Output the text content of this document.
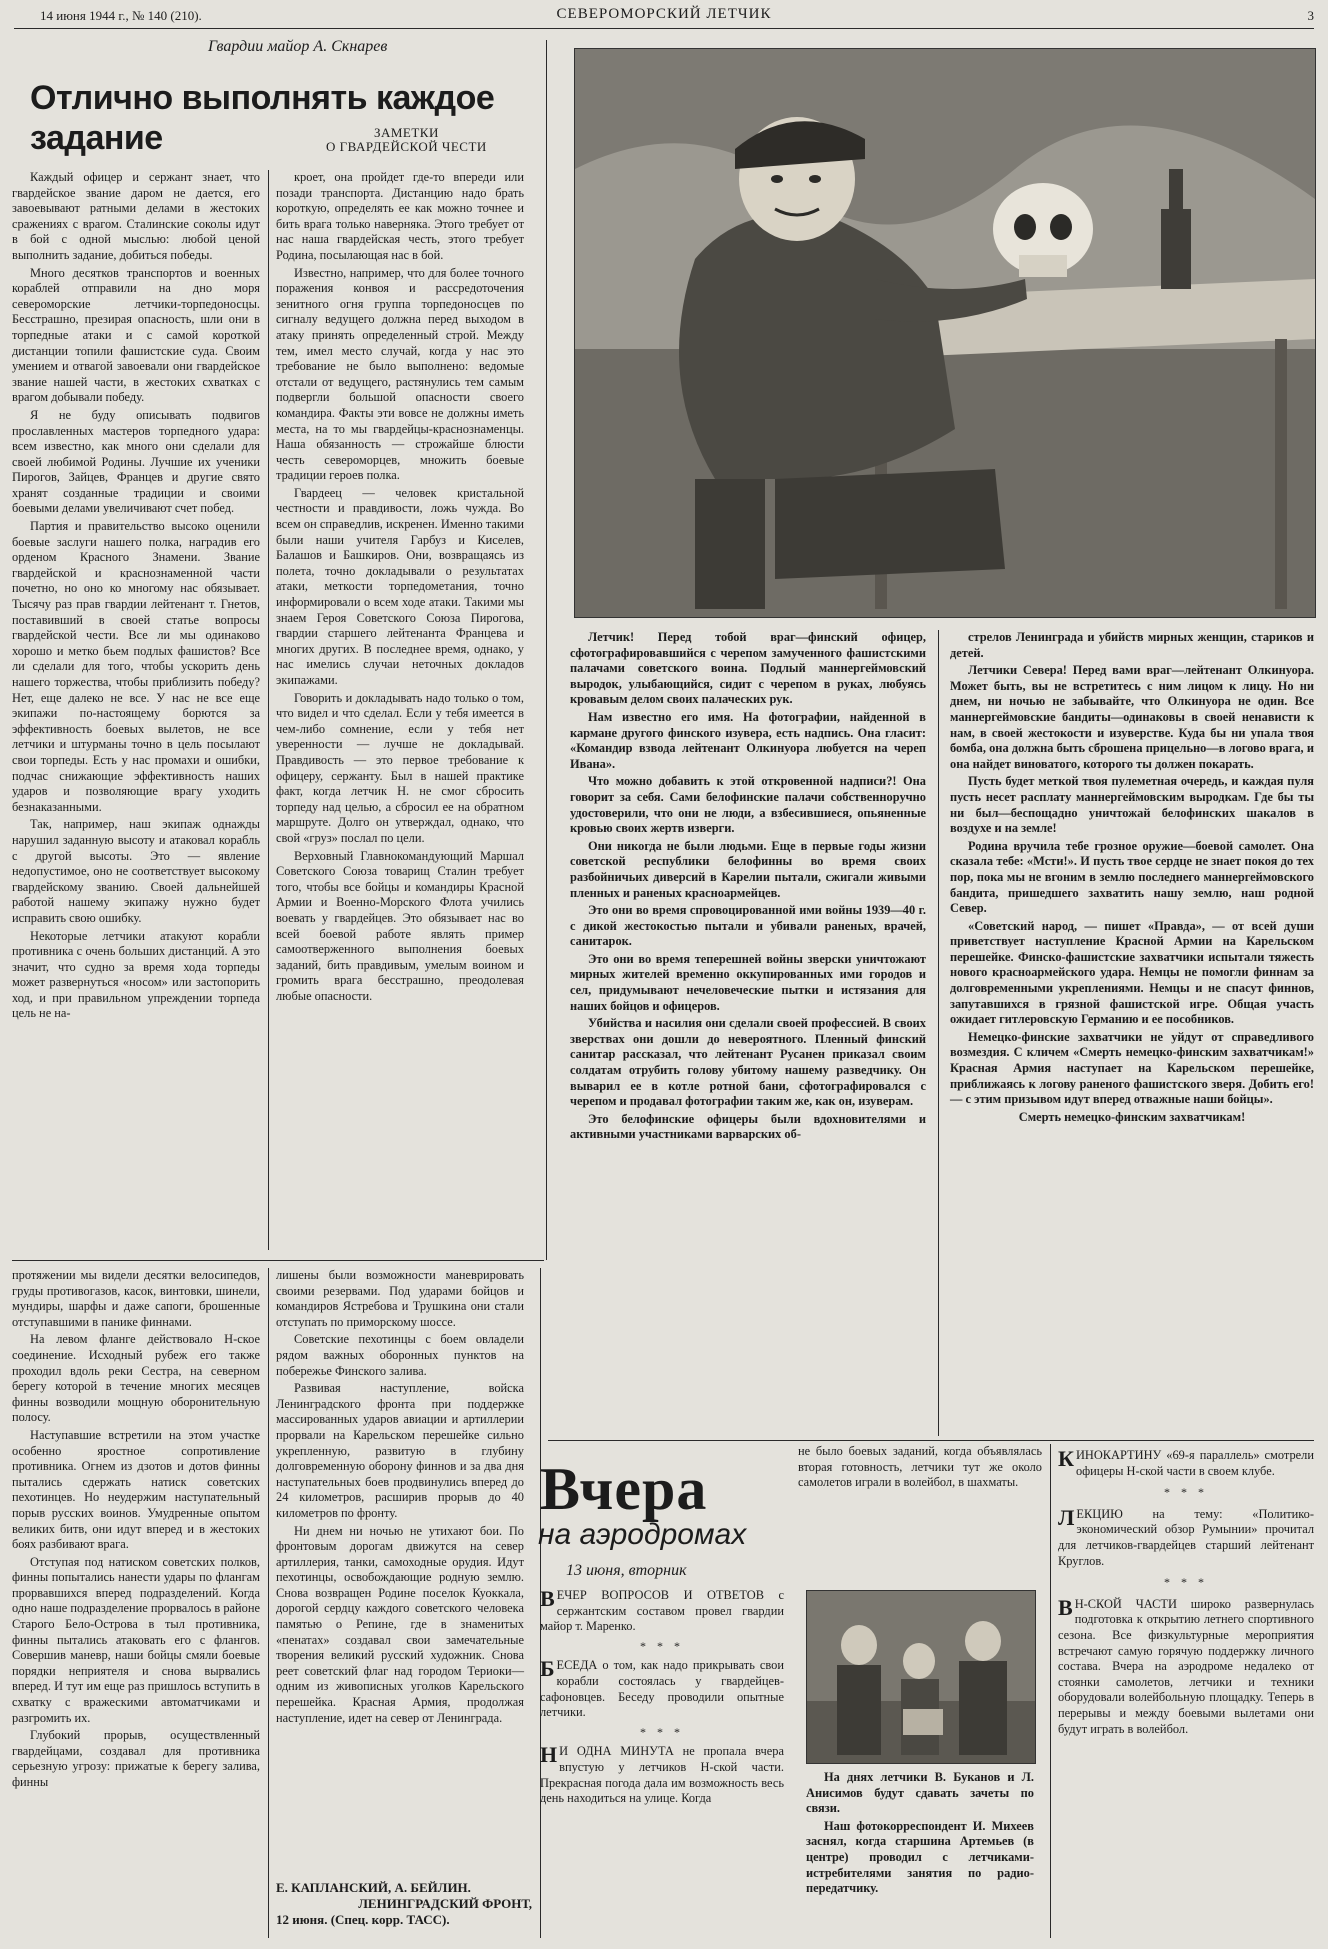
14 июня 1944 г., № 140 (210).	СЕВЕРОМОРСКИЙ ЛЕТЧИК	3
Гвардии майор А. Скнарев
Отлично выполнять каждое
задание	ЗАМЕТКИ
О ГВАРДЕЙСКОЙ ЧЕСТИ

Каждый офицер и сержант знает, что гвардейское звание даром не дается, его завоевывают ратными делами в жестоких сражениях с врагом. Сталинские соколы идут в бой с одной мыслью: любой ценой выполнить задание, добиться победы.

Много десятков транспортов и военных кораблей отправили на дно моря североморские летчики-торпедоносцы. Бесстрашно, презирая опасность, шли они в торпедные атаки и с самой короткой дистанции топили фашистские суда. Своим умением и отвагой завоевали они гвардейское звание нашей части, в жестоких схватках с врагом добывали победу.

Я не буду описывать подвигов прославленных мастеров торпедного удара: всем известно, как много они сделали для своей любимой Родины. Лучшие их ученики Пирогов, Зайцев, Францев и другие свято хранят созданные традиции и своими боевыми делами увеличивают счет побед.

Партия и правительство высоко оценили боевые заслуги нашего полка, наградив его орденом Красного Знамени. Звание гвардейской и краснознаменной части почетно, но оно ко многому нас обязывает. Тысячу раз прав гвардии лейтенант т. Гнетов, поставивший в своей статье вопросы гвардейской чести. Все ли мы одинаково хорошо и метко бьем подлых фашистов? Все ли сделали для того, чтобы ускорить день нашего торжества, чтобы приблизить победу? Нет, еще далеко не все. У нас не все еще экипажи по-настоящему борются за эффективность боевых вылетов, не все летчики и штурманы точно в цель посылают свои торпеды. Есть у нас промахи и ошибки, подчас снижающие эффективность наших ударов и позволяющие врагу уходить безнаказанными.

Так, например, наш экипаж однажды нарушил заданную высоту и атаковал корабль с другой высоты. Это — явление недопустимое, оно не соответствует высокому гвардейскому званию. Своей дальнейшей работой нашему экипажу нужно будет исправить свою ошибку.

Некоторые летчики атакуют корабли противника с очень больших дистанций. А это значит, что судно за время хода торпеды может развернуться «носом» или застопорить ход, и при правильном упреждении торпеда цель не на-

кроет, она пройдет где-то впереди или позади транспорта. Дистанцию надо брать короткую, определять ее как можно точнее и бить врага только наверняка. Этого требует от нас наша гвардейская честь, этого требует Родина, посылающая нас в бой.

Известно, например, что для более точного поражения конвоя и рассредоточения зенитного огня группа торпедоносцев по сигналу ведущего должна перед выходом в атаку принять определенный строй. Между тем, имел место случай, когда у нас это требование не было выполнено: ведомые отстали от ведущего, растянулись тем самым подвергли большой опасности своего командира. Факты эти вовсе не должны иметь места, на то мы гвардейцы-краснознаменцы. Наша обязанность — строжайше блюсти честь североморцев, множить боевые традиции героев полка.

Гвардеец — человек кристальной честности и правдивости, ложь чужда. Во всем он справедлив, искренен. Именно такими были наши учителя Гарбуз и Киселев, Балашов и Башкиров. Они, возвращаясь из полета, точно докладывали о результатах атаки, меткости торпедометания, точно информировали о всем ходе атаки. Такими мы знаем Героя Советского Союза Пирогова, гвардии старшего лейтенанта Францева и многих других. В последнее время, однако, у нас имелись случаи неточных докладов экипажами.

Говорить и докладывать надо только о том, что видел и что сделал. Если у тебя имеется в чем-либо сомнение, если у тебя нет уверенности — лучше не докладывай. Правдивость — это первое требование к офицеру, сержанту. Был в нашей практике факт, когда летчик Н. не смог сбросить торпеду над целью, а сбросил ее на обратном маршруте. Долго он утверждал, однако, что свой «груз» послал по цели.

Верховный Главнокомандующий Маршал Советского Союза товарищ Сталин требует того, чтобы все бойцы и командиры Красной Армии и Военно-Морского Флота учились воевать у гвардейцев. Это обязывает нас во всей боевой работе являть пример самоотверженного выполнения боевых заданий, бить правдивым, умелым воином и громить врага бесстрашно, преодолевая любые опасности.

Летчик! Перед тобой враг—финский офицер, сфотографировавшийся с черепом замученного фашистскими палачами советского воина. Подлый маннергеймовский выродок, улыбающийся, сидит с черепом в руках, любуясь кровавым делом своих палаческих рук.

Нам известно его имя. На фотографии, найденной в кармане другого финского изувера, есть надпись. Она гласит: «Командир взвода лейтенант Олкинуора любуется на череп Ивана».

Что можно добавить к этой откровенной надписи?! Она говорит за себя. Сами белофинские палачи собственноручно удостоверили, что они не люди, а взбесившиеся, опьяненные кровью своих жертв изверги.

Они никогда не были людьми. Еще в первые годы жизни советской республики белофинны во время своих разбойничьих диверсий в Карелии пытали, сжигали живыми пленных и раненых красноармейцев.

Это они во время спровоцированной ими войны 1939—40 г. с дикой жестокостью пытали и убивали раненых, врачей, санитарок.

Это они во время теперешней войны зверски уничтожают мирных жителей временно оккупированных ими городов и сел, придумывают нечеловеческие пытки и истязания для наших бойцов и офицеров.

Убийства и насилия они сделали своей профессией. В своих зверствах они дошли до невероятного. Пленный финский санитар рассказал, что лейтенант Русанен приказал своим солдатам отрубить голову убитому нашему разведчику. Он выварил ее в котле ротной бани, сфотографировался с черепом и продавал фотографии таким же, как он, изуверам.

Это белофинские офицеры были вдохновителями и активными участниками варварских об-

стрелов Ленинграда и убийств мирных женщин, стариков и детей.

Летчики Севера! Перед вами враг—лейтенант Олкинуора. Может быть, вы не встретитесь с ним лицом к лицу. Но ни днем, ни ночью не забывайте, что Олкинуора не один. Все маннергеймовские бандиты—одинаковы в своей ненависти к нам, в своей жестокости и изуверстве. Куда бы ни упала твоя бомба, она должна быть сброшена прицельно—в логово врага, и она найдет виноватого, которого ты должен покарать.

Пусть будет меткой твоя пулеметная очередь, и каждая пуля пусть несет расплату маннергеймовским выродкам. Где бы ты ни был—беспощадно уничтожай белофинских шакалов в воздухе и на земле!

Родина вручила тебе грозное оружие—боевой самолет. Она сказала тебе: «Мсти!». И пусть твое сердце не знает покоя до тех пор, пока мы не вгоним в землю последнего маннергеймовского бандита, пришедшего захватить нашу землю, наш родной Север.

«Советский народ, — пишет «Правда», — от всей души приветствует наступление Красной Армии на Карельском перешейке. Финско-фашистские захватчики испытали тяжесть нового красноармейского удара. Немцы не помогли финнам за долговременными укреплениями. Немцы и не спасут финнов, запутавшихся в грязной фашистской игре. Общая участь ожидает гитлеровскую Германию и ее пособников.

Немецко-финские захватчики не уйдут от справедливого возмездия. С кличем «Смерть немецко-финским захватчикам!» Красная Армия наступает на Карельском перешейке, приближаясь к логову раненого фашистского зверя. Добить его! — с этим призывом идут вперед отважные наши бойцы».

Смерть немецко-финским захватчикам!

протяжении мы видели десятки велосипедов, груды противогазов, касок, винтовки, шинели, мундиры, шарфы и даже сапоги, брошенные отступавшими в панике финнами.

На левом фланге действовало Н-ское соединение. Исходный рубеж его также проходил вдоль реки Сестра, на северном берегу которой в течение многих месяцев финны возводили мощную оборонительную полосу.

Наступавшие встретили на этом участке особенно яростное сопротивление противника. Огнем из дзотов и дотов финны пытались сдержать натиск советских пехотинцев. Но неудержим наступательный порыв русских воинов. Умудренные опытом великих битв, они идут вперед и в жестоких боях разбивают врага.

Отступая под натиском советских полков, финны попытались нанести удары по флангам прорвавшихся вперед подразделений. Когда одно наше подразделение прорвалось в районе Старого Бело-Острова в тыл противника, финны пытались атаковать его с флангов. Совершив маневр, наши бойцы смяли боевые порядки неприятеля и снова вырвались вперед. И тут им еще раз пришлось вступить в схватку с вражескими автоматчиками и разгромить их.

Глубокий прорыв, осуществленный гвардейцами, создавал для противника серьезную угрозу: прижатые к берегу залива, финны

лишены были возможности маневрировать своими резервами. Под ударами бойцов и командиров Ястребова и Трушкина они стали отступать по приморскому шоссе.

Советские пехотинцы с боем овладели рядом важных оборонных пунктов на побережье Финского залива.

Развивая наступление, войска Ленинградского фронта при поддержке массированных ударов авиации и артиллерии прорвали на Карельском перешейке сильно укрепленную, развитую в глубину долговременную оборону финнов и за два дня наступательных боев продвинулись вперед до 24 километров, расширив прорыв до 40 километров по фронту.

Ни днем ни ночью не утихают бои. По фронтовым дорогам движутся на север артиллерия, танки, самоходные орудия. Идут пехотинцы, освобождающие родную землю. Снова возвращен Родине поселок Куоккала, дорогой сердцу каждого советского человека памятью о Репине, где в знаменитых «пенатах» создавал свои замечательные творения великий русский художник. Снова реет советский флаг над городом Териоки—одним из живописных уголков Карельского перешейка. Красная Армия, продолжая наступление, идет на север от Ленинграда.

Е. КАПЛАНСКИЙ, А. БЕЙЛИН.
ЛЕНИНГРАДСКИЙ ФРОНТ,
12 июня. (Спец. корр. ТАСС).
Вчера
на аэродромах
13 июня, вторник

ВЕЧЕР ВОПРОСОВ И ОТВЕТОВ с сержантским составом провел гвардии майор т. Маренко.

* * *

БЕСЕДА о том, как надо прикрывать свои корабли состоялась у гвардейцев-сафоновцев. Беседу проводили опытные летчики.

* * *

Н И ОДНА МИНУТА не пропала вчера впустую у летчиков Н-ской части. Прекрасная погода дала им возможность весь день находиться на улице. Когда

не было боевых заданий, когда объявлялась вторая готовность, летчики тут же около самолетов играли в волейбол, в шахматы.

На днях летчики В. Буканов и Л. Анисимов будут сдавать зачеты по связи.

Наш фотокорреспондент И. Михеев заснял, когда старшина Артемьев (в центре) проводил с летчиками-истребителями занятия по радио-передатчику.

КИНОКАРТИНУ «69-я параллель» смотрели офицеры Н-ской части в своем клубе.

* * *

ЛЕКЦИЮ на тему: «Политико-экономический обзор Румынии» прочитал для летчиков-гвардейцев старший лейтенант Круглов.

* * *

В Н-СКОЙ ЧАСТИ широко развернулась подготовка к открытию летнего спортивного сезона. Все физкультурные мероприятия встречают самую горячую поддержку личного состава. Вчера на аэродроме недалеко от стоянки самолетов, летчики и техники оборудовали волейбольную площадку. Теперь в перерывы и между боевыми вылетами они будут играть в волейбол.
